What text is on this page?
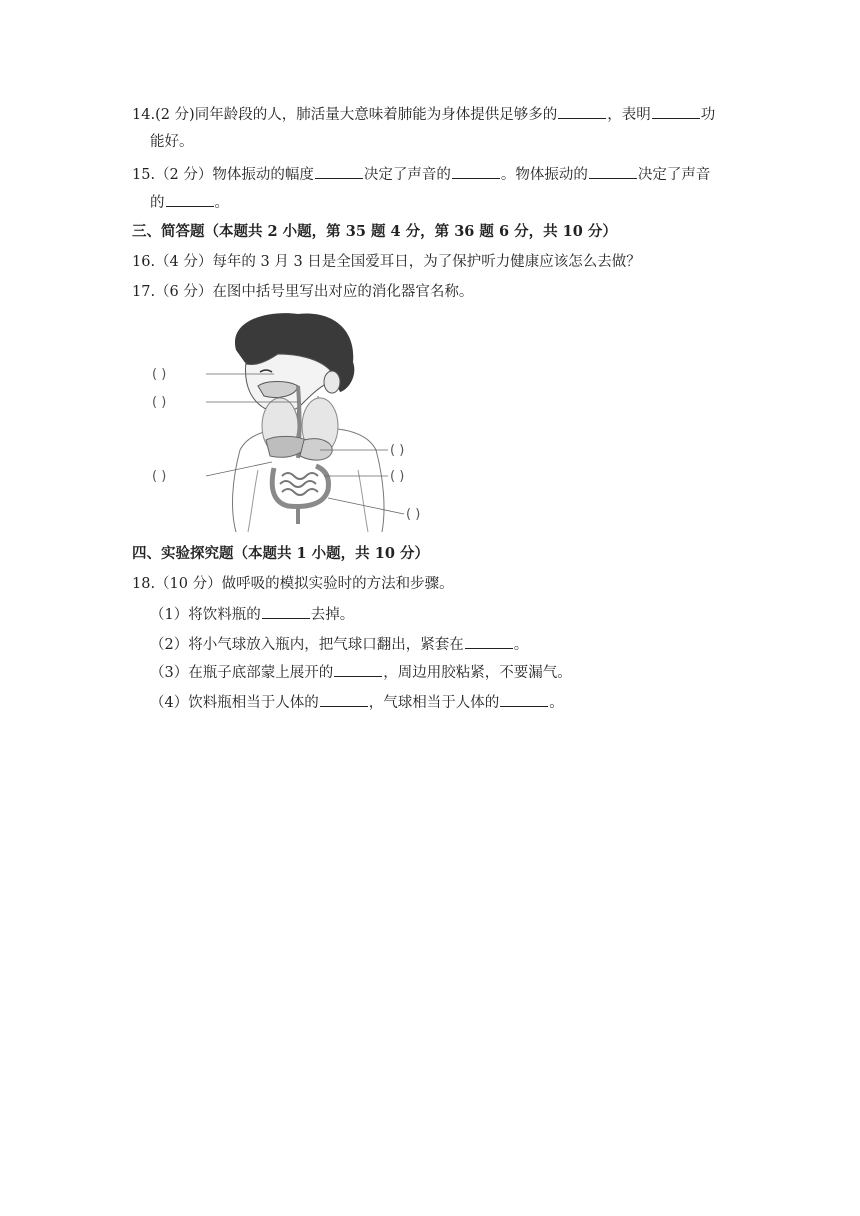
14.(2 分)同年龄段的人，肺活量大意味着肺能为身体提供足够多的	，表明	功
能好。
15.（2 分）物体振动的幅度	决定了声音的	。物体振动的	决定了声音
的	。
三、简答题（本题共 2 小题，第 35 题 4 分，第 36 题 6 分，共 10 分）
16.（4 分）每年的 3 月 3 日是全国爱耳日，为了保护听力健康应该怎么去做？
17.（6 分）在图中括号里写出对应的消化器官名称。
( )
( )
( )
( )
( )
( )
四、实验探究题（本题共 1 小题，共 10 分）
18.（10 分）做呼吸的模拟实验时的方法和步骤。
（1）将饮料瓶的	去掉。
（2）将小气球放入瓶内，把气球口翻出，紧套在	。
（3）在瓶子底部蒙上展开的	，周边用胶粘紧，不要漏气。
（4）饮料瓶相当于人体的	，气球相当于人体的	。
